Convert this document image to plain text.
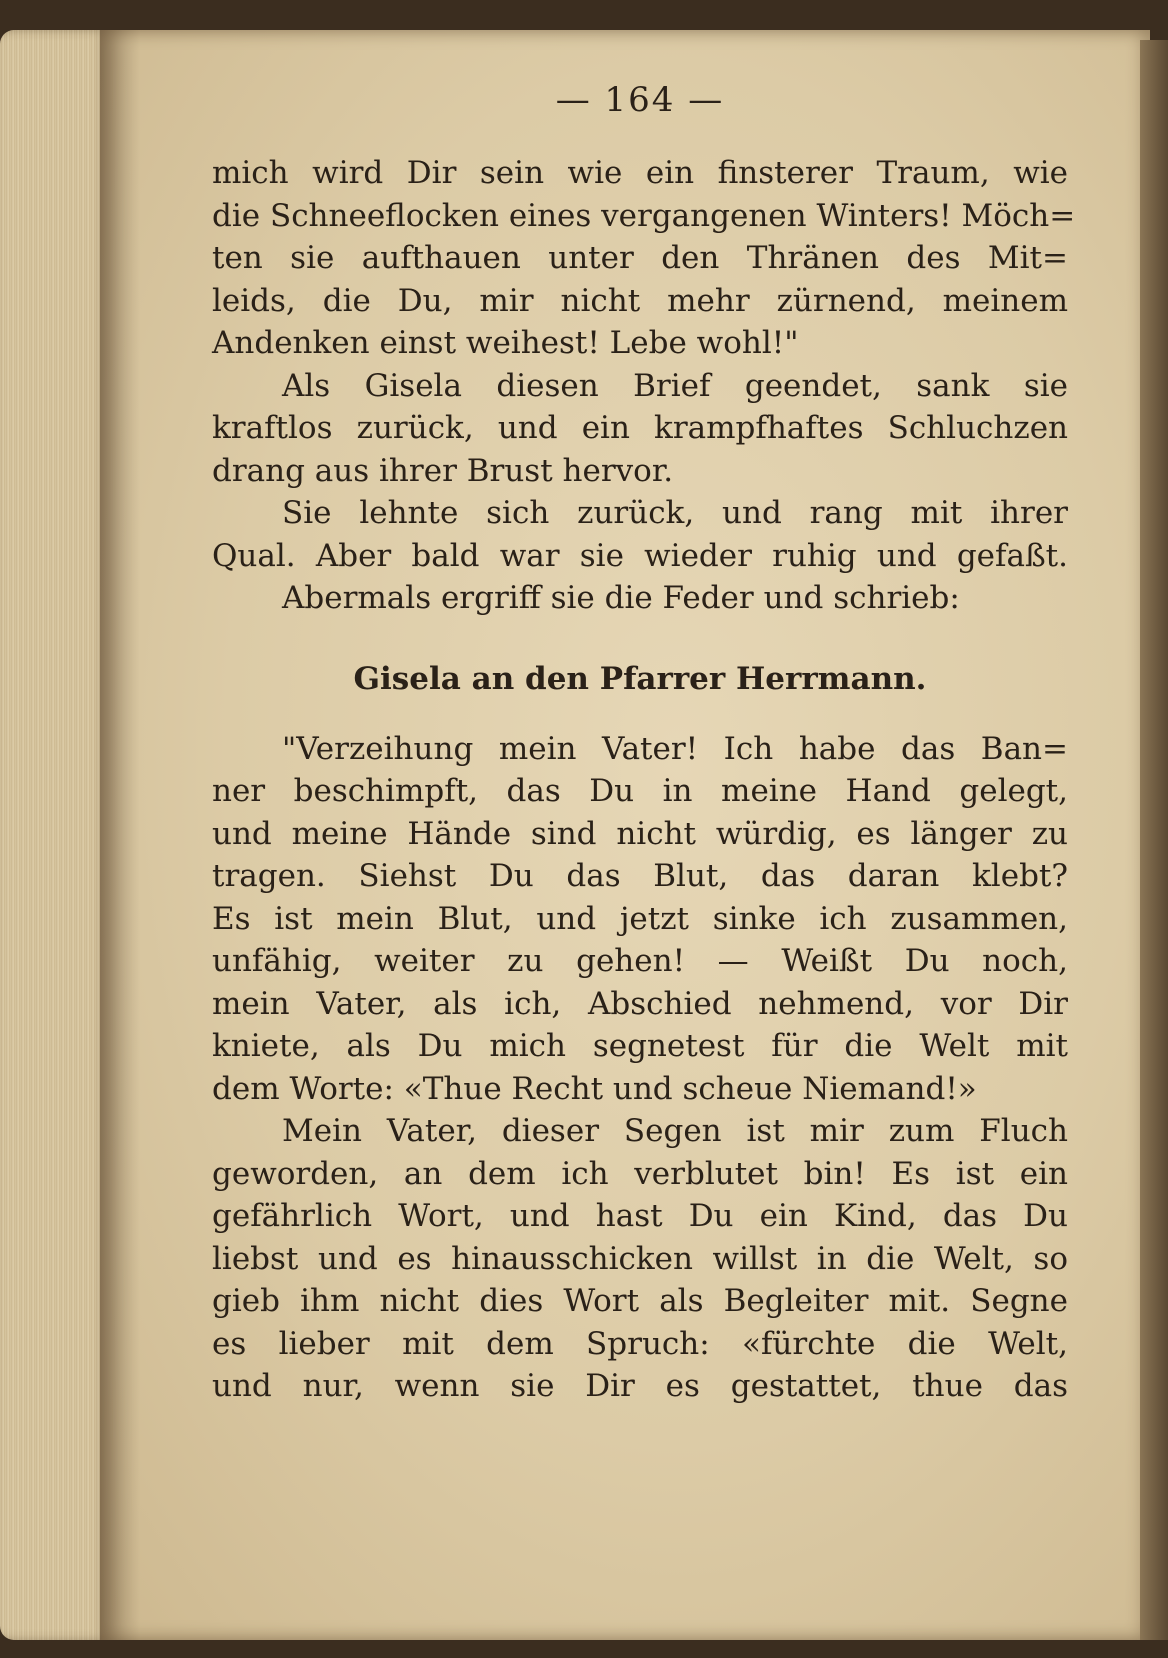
— 164 —
mich wird Dir sein wie ein finsterer Traum, wie
die Schneeflocken eines vergangenen Winters! Möch=
ten sie aufthauen unter den Thränen des Mit=
leids, die Du, mir nicht mehr zürnend, meinem
Andenken einst weihest! Lebe wohl!"
Als Gisela diesen Brief geendet, sank sie
kraftlos zurück, und ein krampfhaftes Schluchzen
drang aus ihrer Brust hervor.
Sie lehnte sich zurück, und rang mit ihrer
Qual. Aber bald war sie wieder ruhig und gefaßt.
Abermals ergriff sie die Feder und schrieb:
Gisela an den Pfarrer Herrmann.
"Verzeihung mein Vater! Ich habe das Ban=
ner beschimpft, das Du in meine Hand gelegt,
und meine Hände sind nicht würdig, es länger zu
tragen. Siehst Du das Blut, das daran klebt?
Es ist mein Blut, und jetzt sinke ich zusammen,
unfähig, weiter zu gehen! — Weißt Du noch,
mein Vater, als ich, Abschied nehmend, vor Dir
kniete, als Du mich segnetest für die Welt mit
dem Worte: «Thue Recht und scheue Niemand!»
Mein Vater, dieser Segen ist mir zum Fluch
geworden, an dem ich verblutet bin! Es ist ein
gefährlich Wort, und hast Du ein Kind, das Du
liebst und es hinausschicken willst in die Welt, so
gieb ihm nicht dies Wort als Begleiter mit. Segne
es lieber mit dem Spruch: «fürchte die Welt,
und nur, wenn sie Dir es gestattet, thue das
